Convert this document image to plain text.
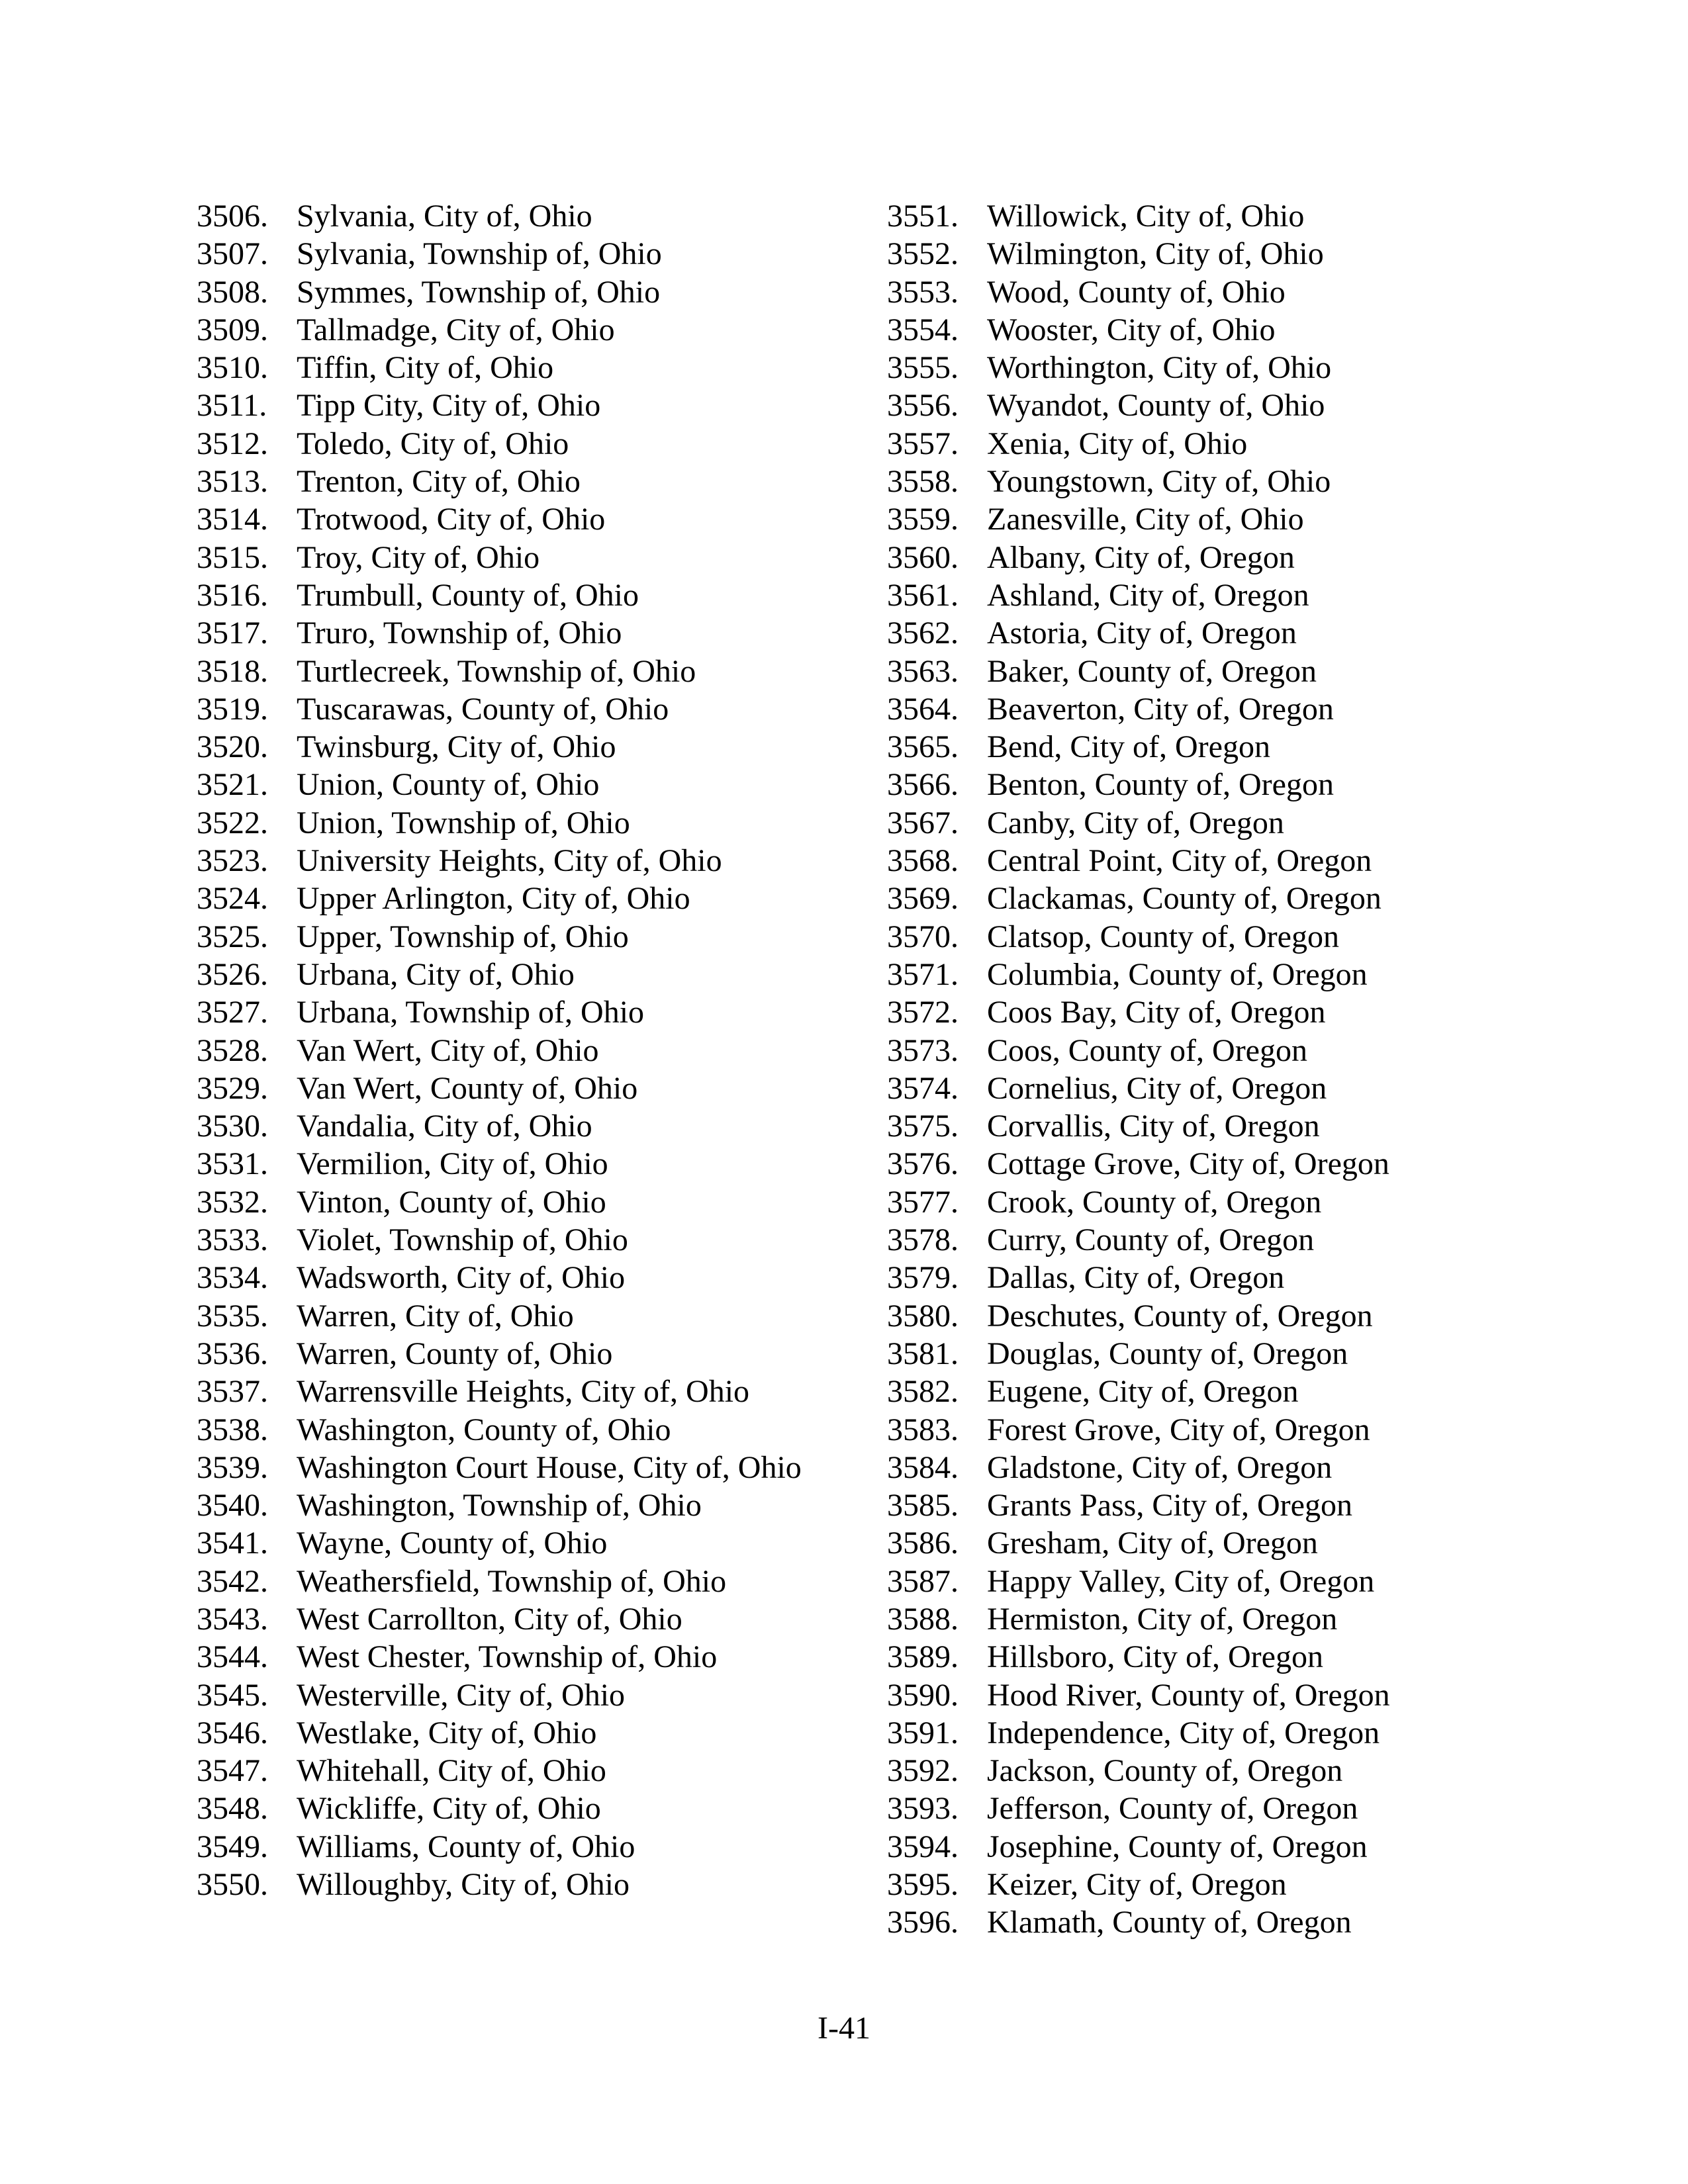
3506. Sylvania, City of, Ohio
3507. Sylvania, Township of, Ohio
3508. Symmes, Township of, Ohio
3509. Tallmadge, City of, Ohio
3510. Tiffin, City of, Ohio
3511. Tipp City, City of, Ohio
3512. Toledo, City of, Ohio
3513. Trenton, City of, Ohio
3514. Trotwood, City of, Ohio
3515. Troy, City of, Ohio
3516. Trumbull, County of, Ohio
3517. Truro, Township of, Ohio
3518. Turtlecreek, Township of, Ohio
3519. Tuscarawas, County of, Ohio
3520. Twinsburg, City of, Ohio
3521. Union, County of, Ohio
3522. Union, Township of, Ohio
3523. University Heights, City of, Ohio
3524. Upper Arlington, City of, Ohio
3525. Upper, Township of, Ohio
3526. Urbana, City of, Ohio
3527. Urbana, Township of, Ohio
3528. Van Wert, City of, Ohio
3529. Van Wert, County of, Ohio
3530. Vandalia, City of, Ohio
3531. Vermilion, City of, Ohio
3532. Vinton, County of, Ohio
3533. Violet, Township of, Ohio
3534. Wadsworth, City of, Ohio
3535. Warren, City of, Ohio
3536. Warren, County of, Ohio
3537. Warrensville Heights, City of, Ohio
3538. Washington, County of, Ohio
3539. Washington Court House, City of, Ohio
3540. Washington, Township of, Ohio
3541. Wayne, County of, Ohio
3542. Weathersfield, Township of, Ohio
3543. West Carrollton, City of, Ohio
3544. West Chester, Township of, Ohio
3545. Westerville, City of, Ohio
3546. Westlake, City of, Ohio
3547. Whitehall, City of, Ohio
3548. Wickliffe, City of, Ohio
3549. Williams, County of, Ohio
3550. Willoughby, City of, Ohio
3551. Willowick, City of, Ohio
3552. Wilmington, City of, Ohio
3553. Wood, County of, Ohio
3554. Wooster, City of, Ohio
3555. Worthington, City of, Ohio
3556. Wyandot, County of, Ohio
3557. Xenia, City of, Ohio
3558. Youngstown, City of, Ohio
3559. Zanesville, City of, Ohio
3560. Albany, City of, Oregon
3561. Ashland, City of, Oregon
3562. Astoria, City of, Oregon
3563. Baker, County of, Oregon
3564. Beaverton, City of, Oregon
3565. Bend, City of, Oregon
3566. Benton, County of, Oregon
3567. Canby, City of, Oregon
3568. Central Point, City of, Oregon
3569. Clackamas, County of, Oregon
3570. Clatsop, County of, Oregon
3571. Columbia, County of, Oregon
3572. Coos Bay, City of, Oregon
3573. Coos, County of, Oregon
3574. Cornelius, City of, Oregon
3575. Corvallis, City of, Oregon
3576. Cottage Grove, City of, Oregon
3577. Crook, County of, Oregon
3578. Curry, County of, Oregon
3579. Dallas, City of, Oregon
3580. Deschutes, County of, Oregon
3581. Douglas, County of, Oregon
3582. Eugene, City of, Oregon
3583. Forest Grove, City of, Oregon
3584. Gladstone, City of, Oregon
3585. Grants Pass, City of, Oregon
3586. Gresham, City of, Oregon
3587. Happy Valley, City of, Oregon
3588. Hermiston, City of, Oregon
3589. Hillsboro, City of, Oregon
3590. Hood River, County of, Oregon
3591. Independence, City of, Oregon
3592. Jackson, County of, Oregon
3593. Jefferson, County of, Oregon
3594. Josephine, County of, Oregon
3595. Keizer, City of, Oregon
3596. Klamath, County of, Oregon
I-41
